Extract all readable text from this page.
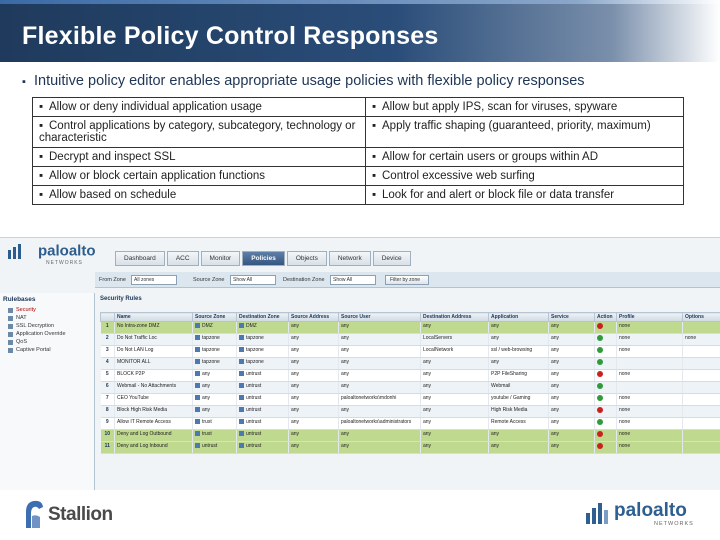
Flexible Policy Control Responses
▪ Intuitive policy editor enables appropriate usage policies with flexible policy responses
▪ Allow or deny individual application usage	▪ Allow but apply IPS, scan for viruses, spyware
▪ Control applications by category, subcategory, technology or characteristic	▪ Apply traffic shaping (guaranteed, priority, maximum)
▪ Decrypt and inspect SSL	▪ Allow for certain users or groups within AD
▪ Allow or block certain application functions	▪ Control excessive web surfing
▪ Allow based on schedule	▪ Look for and alert or block file or data transfer
paloalto
NETWORKS
Dashboard	ACC	Monitor	Policies	Objects	Network	Device
From Zone	All zones	Source Zone	Show All	Destination Zone	Show All	Filter by zone
Rulebases
Security
NAT
SSL Decryption
Application Override
QoS
Captive Portal
Security Rules
	Name	Source Zone	Destination Zone	Source Address	Source User	Destination Address	Application	Service	Action	Profile	Options
1	No Intra-zone DMZ	DMZ	DMZ	any	any	any	any	any		none	
2	Do Not Traffic Loc	tapzone	tapzone	any	any	LocalServers	any	any		none	none
3	Do Not LAN Log	tapzone	tapzone	any	any	LocalNetwork	ssl / web-browsing	any		none	
4	MONITOR ALL	tapzone	tapzone	any	any	any	any	any			
5	BLOCK P2P	any	untrust	any	any	any	P2P FileSharing	any		none	
6	Webmail - No Attachments	any	untrust	any	any	any	Webmail	any			
7	CEO YouTube	any	untrust	any	paloaltonetworks\mdonhi	any	youtube / Gaming	any		none	
8	Block High Risk Media	any	untrust	any	any	any	High Risk Media	any		none	
9	Allow IT Remote Access	trust	untrust	any	paloaltonetworks\administrators	any	Remote Access	any		none	
10	Deny and Log Outbound	trust	untrust	any	any	any	any	any		none	
11	Deny and Log Inbound	untrust	untrust	any	any	any	any	any		none	
Stallion	paloalto
NETWORKS
